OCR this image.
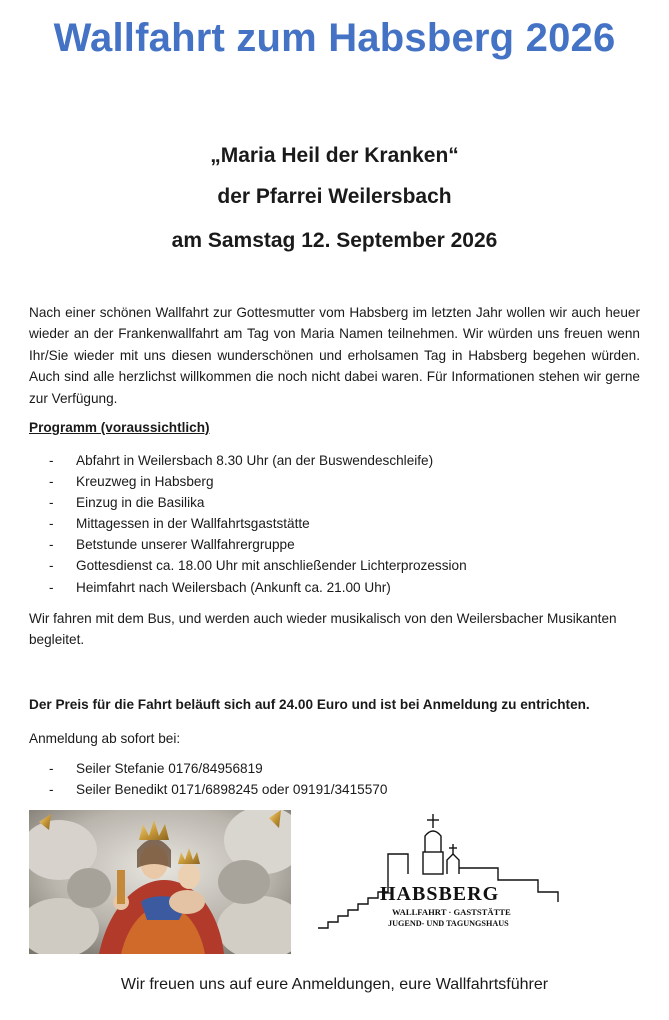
Wallfahrt zum Habsberg 2026
„Maria Heil der Kranken“
der Pfarrei Weilersbach
am Samstag 12. September 2026

Nach einer schönen Wallfahrt zur Gottesmutter vom Habsberg im letzten Jahr wollen wir auch heuer wieder an der Frankenwallfahrt am Tag von Maria Namen teilnehmen. Wir würden uns freuen wenn Ihr/Sie wieder mit uns diesen wunderschönen und erholsamen Tag in Habsberg begehen würden. Auch sind alle herzlichst willkommen die noch nicht dabei waren. Für Informationen stehen wir gerne zur Verfügung.

Programm (voraussichtlich)

- Abfahrt in Weilersbach 8.30 Uhr (an der Buswendeschleife)
- Kreuzweg in Habsberg
- Einzug in die Basilika
- Mittagessen in der Wallfahrtsgaststätte
- Betstunde unserer Wallfahrergruppe
- Gottesdienst ca. 18.00 Uhr mit anschließender Lichterprozession
- Heimfahrt nach Weilersbach (Ankunft ca. 21.00 Uhr)

Wir fahren mit dem Bus, und werden auch wieder musikalisch von den Weilersbacher Musikanten begleitet.

Der Preis für die Fahrt beläuft sich auf 24.00 Euro und ist bei Anmeldung zu entrichten.

Anmeldung ab sofort bei:

- Seiler Stefanie 0176/84956819
- Seiler Benedikt 0171/6898245 oder 09191/3415570
HABSBERG
WALLFAHRT · GASTSTÄTTE
JUGEND- UND TAGUNGSHAUS
Wir freuen uns auf eure Anmeldungen, eure Wallfahrtsführer
